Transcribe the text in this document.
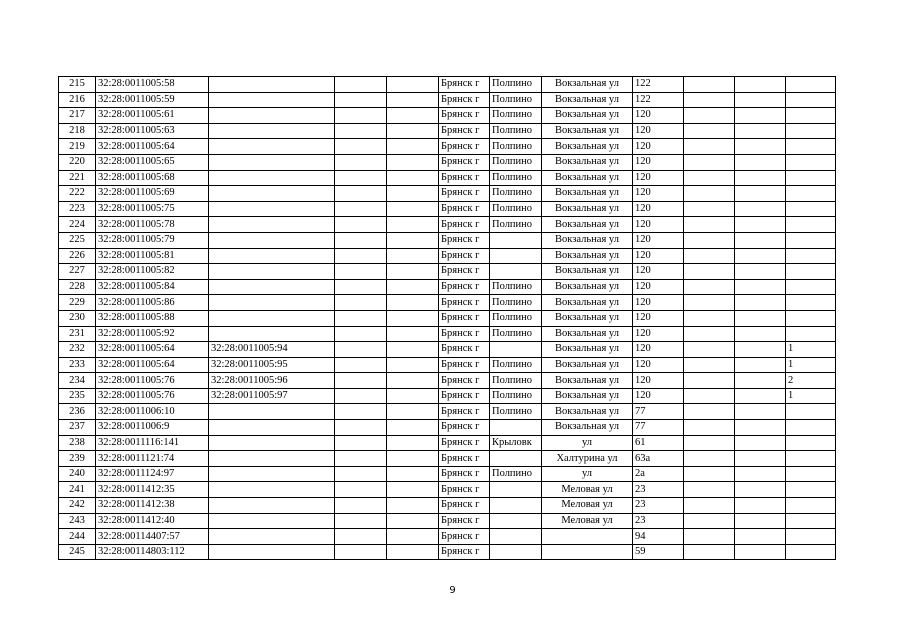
215	32:28:0011005:58				Брянск г	Полпино	Вокзальная ул	122			
216	32:28:0011005:59				Брянск г	Полпино	Вокзальная ул	122			
217	32:28:0011005:61				Брянск г	Полпино	Вокзальная ул	120			
218	32:28:0011005:63				Брянск г	Полпино	Вокзальная ул	120			
219	32:28:0011005:64				Брянск г	Полпино	Вокзальная ул	120			
220	32:28:0011005:65				Брянск г	Полпино	Вокзальная ул	120			
221	32:28:0011005:68				Брянск г	Полпино	Вокзальная ул	120			
222	32:28:0011005:69				Брянск г	Полпино	Вокзальная ул	120			
223	32:28:0011005:75				Брянск г	Полпино	Вокзальная ул	120			
224	32:28:0011005:78				Брянск г	Полпино	Вокзальная ул	120			
225	32:28:0011005:79				Брянск г		Вокзальная ул	120			
226	32:28:0011005:81				Брянск г		Вокзальная ул	120			
227	32:28:0011005:82				Брянск г		Вокзальная ул	120			
228	32:28:0011005:84				Брянск г	Полпино	Вокзальная ул	120			
229	32:28:0011005:86				Брянск г	Полпино	Вокзальная ул	120			
230	32:28:0011005:88				Брянск г	Полпино	Вокзальная ул	120			
231	32:28:0011005:92				Брянск г	Полпино	Вокзальная ул	120			
232	32:28:0011005:64	32:28:0011005:94			Брянск г		Вокзальная ул	120			1
233	32:28:0011005:64	32:28:0011005:95			Брянск г	Полпино	Вокзальная ул	120			1
234	32:28:0011005:76	32:28:0011005:96			Брянск г	Полпино	Вокзальная ул	120			2
235	32:28:0011005:76	32:28:0011005:97			Брянск г	Полпино	Вокзальная ул	120			1
236	32:28:0011006:10				Брянск г	Полпино	Вокзальная ул	77			
237	32:28:0011006:9				Брянск г		Вокзальная ул	77			
238	32:28:0011116:141				Брянск г	Крыловк	ул	61			
239	32:28:0011121:74				Брянск г		Халтурина ул	63а			
240	32:28:0011124:97				Брянск г	Полпино	ул	2а			
241	32:28:0011412:35				Брянск г		Меловая ул	23			
242	32:28:0011412:38				Брянск г		Меловая ул	23			
243	32:28:0011412:40				Брянск г		Меловая ул	23			
244	32:28:00114407:57				Брянск г			94			
245	32:28:00114803:112				Брянск г			59			
9
